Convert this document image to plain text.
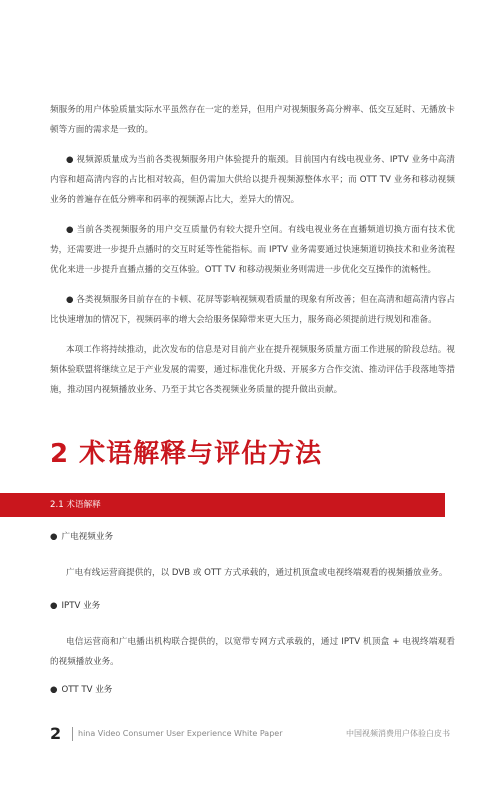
频服务的用户体验质量实际水平虽然存在一定的差异，但用户对视频服务高分辨率、低交互延时、无播放卡顿等方面的需求是一致的。

● 视频源质量成为当前各类视频服务用户体验提升的瓶颈。目前国内有线电视业务、IPTV 业务中高清内容和超高清内容的占比相对较高，但仍需加大供给以提升视频源整体水平；而 OTT TV 业务和移动视频业务的普遍存在低分辨率和码率的视频源占比大，差异大的情况。

● 当前各类视频服务的用户交互质量仍有较大提升空间。有线电视业务在直播频道切换方面有技术优势，还需要进一步提升点播时的交互时延等性能指标。而 IPTV 业务需要通过快速频道切换技术和业务流程优化来进一步提升直播点播的交互体验。OTT TV 和移动视频业务则需进一步优化交互操作的流畅性。

● 各类视频服务目前存在的卡顿、花屏等影响视频观看质量的现象有所改善；但在高清和超高清内容占比快速增加的情况下，视频码率的增大会给服务保障带来更大压力，服务商必须提前进行规划和准备。

本项工作将持续推动，此次发布的信息是对目前产业在提升视频服务质量方面工作进展的阶段总结。视频体验联盟将继续立足于产业发展的需要，通过标准优化升级、开展多方合作交流、推动评估手段落地等措施，推动国内视频播放业务、乃至于其它各类视频业务质量的提升做出贡献。

2 术语解释与评估方法
2.1 术语解释
● 广电视频业务

广电有线运营商提供的，以 DVB 或 OTT 方式承载的，通过机顶盒或电视终端观看的视频播放业务。

● IPTV 业务

电信运营商和广电播出机构联合提供的，以宽带专网方式承载的，通过 IPTV 机顶盒 + 电视终端观看的视频播放业务。

● OTT TV 业务
2 hina Video Consumer User Experience White Paper	中国视频消费用户体验白皮书
